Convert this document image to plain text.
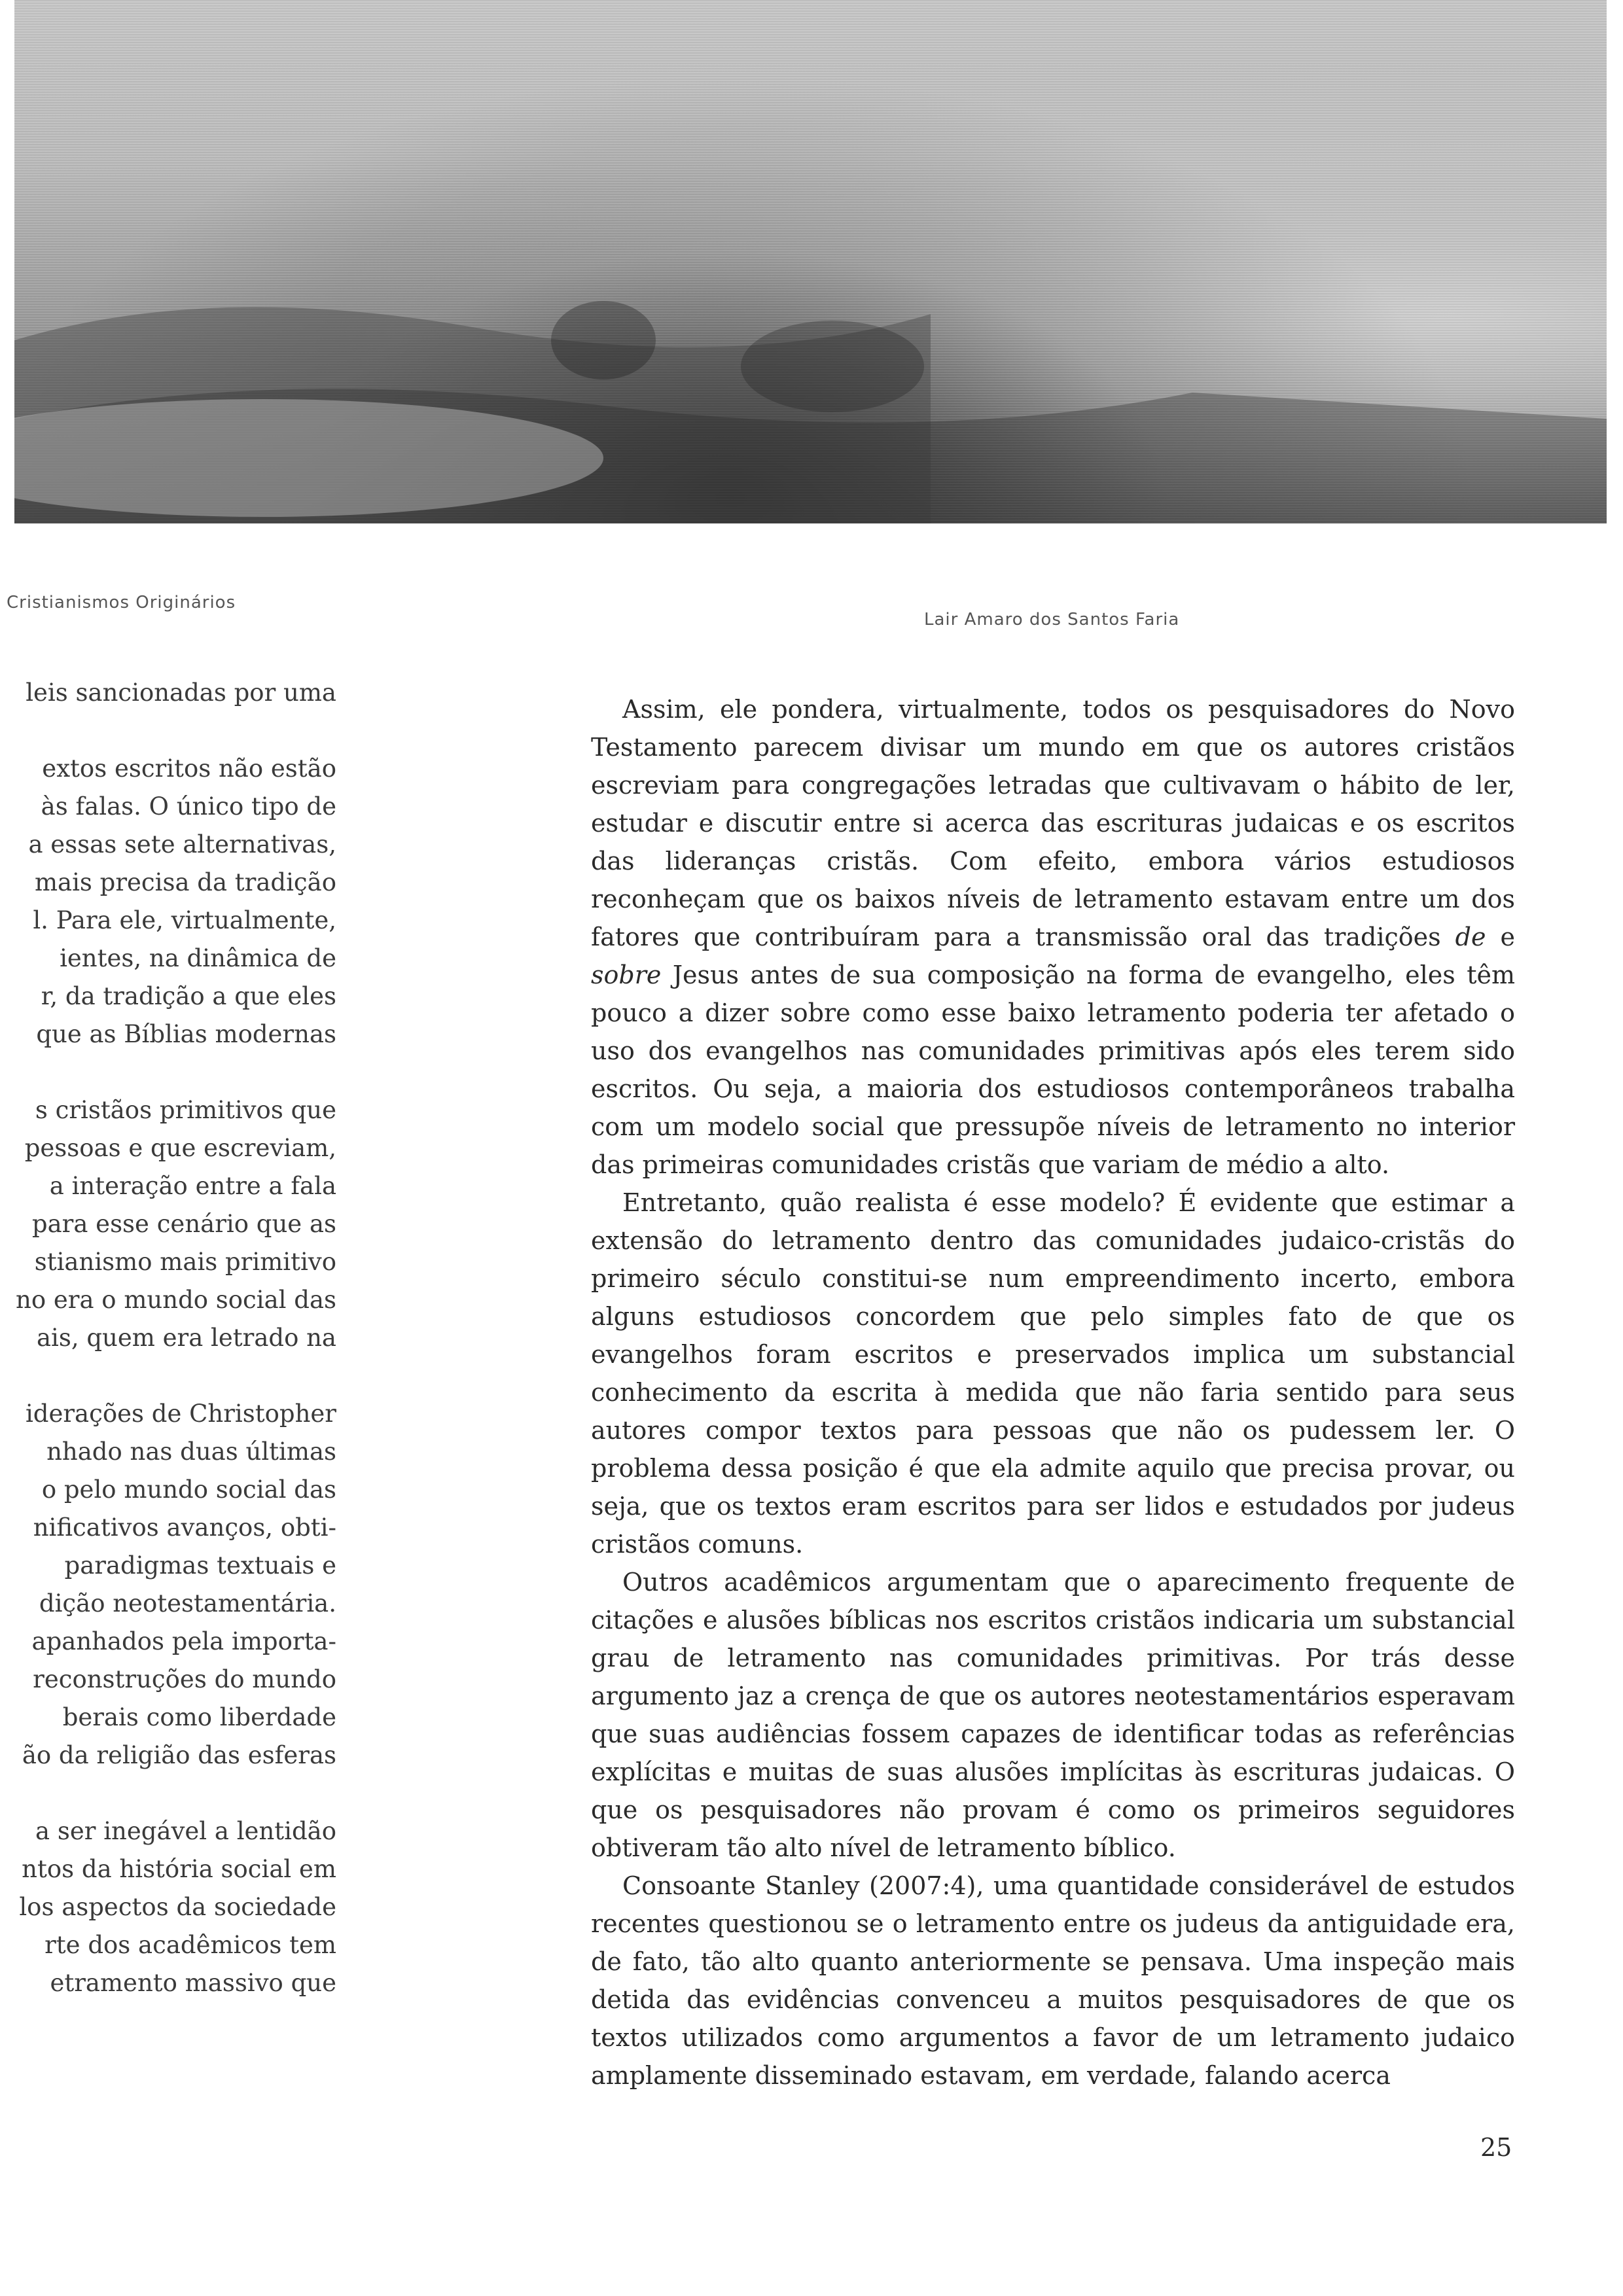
Cristianismos Originários
Lair Amaro dos Santos Faria
leis sancionadas por uma
extos escritos não estão
às falas. O único tipo de
a essas sete alternativas,
mais precisa da tradição
l. Para ele, virtualmente,
ientes, na dinâmica de
r, da tradição a que eles
que as Bíblias modernas
s cristãos primitivos que
pessoas e que escreviam,
a interação entre a fala
para esse cenário que as
stianismo mais primitivo
no era o mundo social das
ais, quem era letrado na
iderações de Christopher
nhado nas duas últimas
o pelo mundo social das
nificativos avanços, obti-
paradigmas textuais e
dição neotestamentária.
apanhados pela importa-
reconstruções do mundo
berais como liberdade
ão da religião das esferas
a ser inegável a lentidão
ntos da história social em
los aspectos da sociedade
rte dos acadêmicos tem
etramento massivo que

Assim, ele pondera, virtualmente, todos os pesquisadores do Novo Testamento parecem divisar um mundo em que os autores cristãos escreviam para congregações letradas que cultivavam o hábito de ler, estudar e discutir entre si acerca das escrituras judaicas e os escritos das lideranças cristãs. Com efeito, embora vários estudiosos reconheçam que os baixos níveis de letramento estavam entre um dos fatores que contribuíram para a transmissão oral das tradições de e sobre Jesus antes de sua composição na forma de evangelho, eles têm pouco a dizer sobre como esse baixo letramento poderia ter afetado o uso dos evangelhos nas comunidades primitivas após eles terem sido escritos. Ou seja, a maioria dos estudiosos contemporâneos trabalha com um modelo social que pressupõe níveis de letramento no interior das primeiras comunidades cristãs que variam de médio a alto.

Entretanto, quão realista é esse modelo? É evidente que estimar a extensão do letramento dentro das comunidades judaico-cristãs do primeiro século constitui-se num empreendimento incerto, embora alguns estudiosos concordem que pelo simples fato de que os evangelhos foram escritos e preservados implica um substancial conhecimento da escrita à medida que não faria sentido para seus autores compor textos para pessoas que não os pudessem ler. O problema dessa posição é que ela admite aquilo que precisa provar, ou seja, que os textos eram escritos para ser lidos e estudados por judeus cristãos comuns.

Outros acadêmicos argumentam que o aparecimento frequente de citações e alusões bíblicas nos escritos cristãos indicaria um substancial grau de letramento nas comunidades primitivas. Por trás desse argumento jaz a crença de que os autores neotestamentários esperavam que suas audiências fossem capazes de identificar todas as referências explícitas e muitas de suas alusões implícitas às escrituras judaicas. O que os pesquisadores não provam é como os primeiros seguidores obtiveram tão alto nível de letramento bíblico.

Consoante Stanley (2007:4), uma quantidade considerável de estudos recentes questionou se o letramento entre os judeus da antiguidade era, de fato, tão alto quanto anteriormente se pensava. Uma inspeção mais detida das evidências convenceu a muitos pesquisadores de que os textos utilizados como argumentos a favor de um letramento judaico amplamente disseminado estavam, em verdade, falando acerca

25
